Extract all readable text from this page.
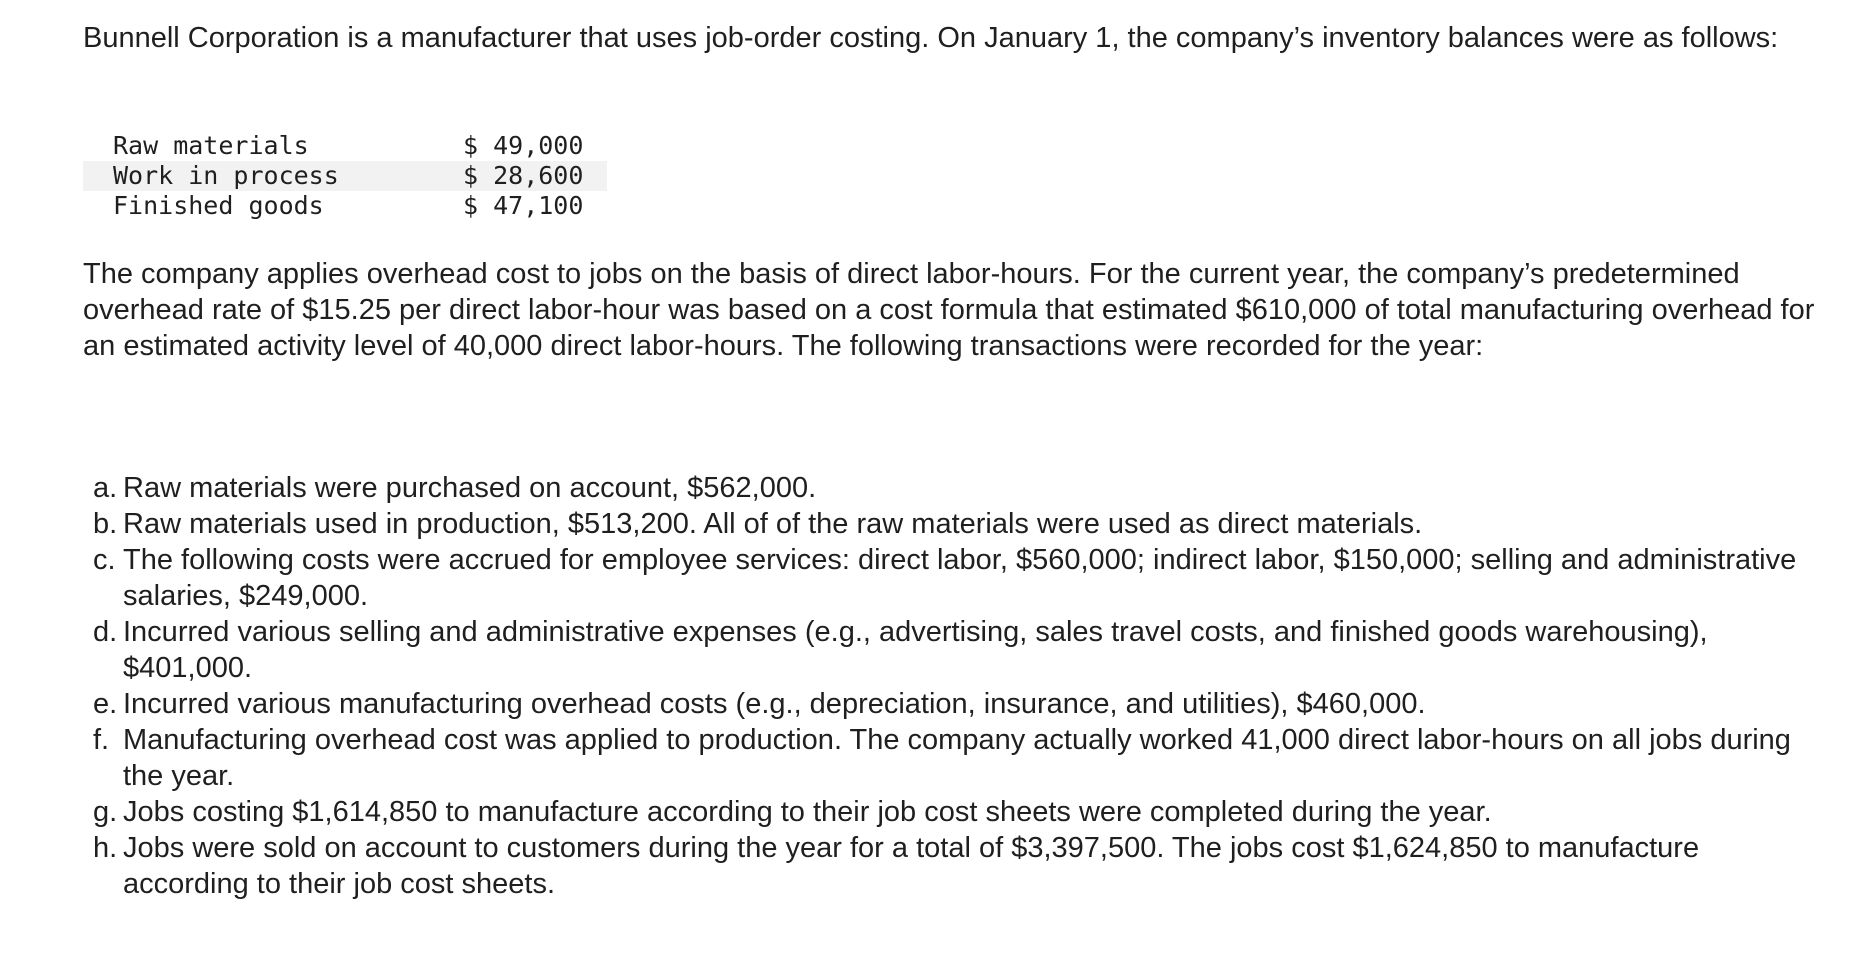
Bunnell Corporation is a manufacturer that uses job-order costing. On January 1, the company’s inventory balances were as follows:

Raw materials	$ 49,000
Work in process	$ 28,600
Finished goods	$ 47,100

The company applies overhead cost to jobs on the basis of direct labor-hours. For the current year, the company’s predetermined overhead rate of $15.25 per direct labor-hour was based on a cost formula that estimated $610,000 of total manufacturing overhead for an estimated activity level of 40,000 direct labor-hours. The following transactions were recorded for the year:

a. Raw materials were purchased on account, $562,000.
b. Raw materials used in production, $513,200. All of of the raw materials were used as direct materials.
c. The following costs were accrued for employee services: direct labor, $560,000; indirect labor, $150,000; selling and administrative salaries, $249,000.
d. Incurred various selling and administrative expenses (e.g., advertising, sales travel costs, and finished goods warehousing), $401,000.
e. Incurred various manufacturing overhead costs (e.g., depreciation, insurance, and utilities), $460,000.
f. Manufacturing overhead cost was applied to production. The company actually worked 41,000 direct labor-hours on all jobs during the year.
g. Jobs costing $1,614,850 to manufacture according to their job cost sheets were completed during the year.
h. Jobs were sold on account to customers during the year for a total of $3,397,500. The jobs cost $1,624,850 to manufacture according to their job cost sheets.
